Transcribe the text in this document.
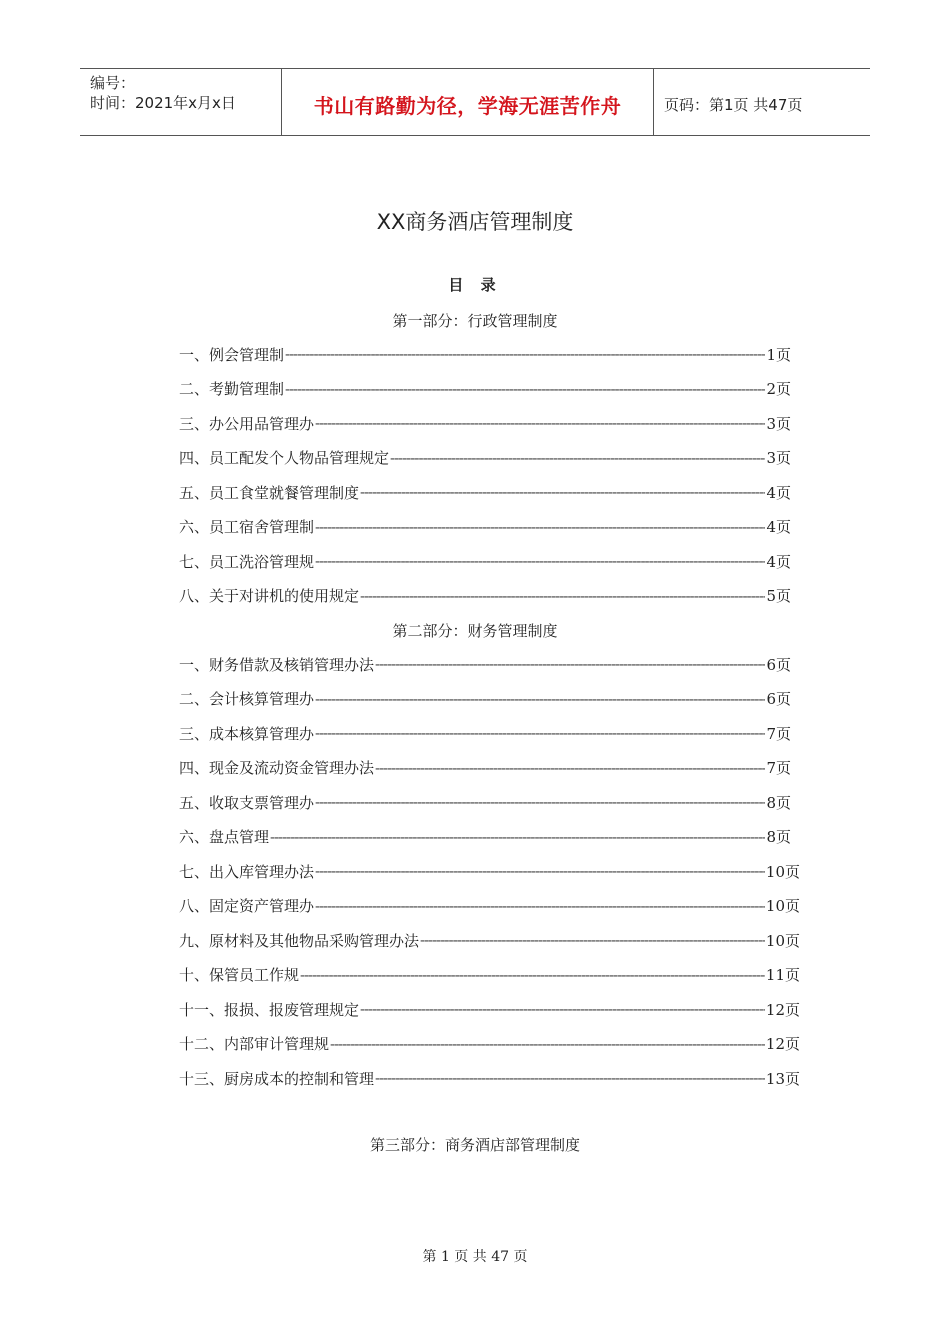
编号：
时间：2021年x月x日	书山有路勤为径，学海无涯苦作舟	页码：第1页 共47页
XX商务酒店管理制度
目 录
第一部分：行政管理制度
一、例会管理制 -----	1页
二、考勤管理制 -----	2页
三、办公用品管理办 -----	3页
四、员工配发个人物品管理规定 -----	3页
五、员工食堂就餐管理制度 -----	4页
六、员工宿舍管理制 -----	4页
七、员工洗浴管理规 -----	4页
八、关于对讲机的使用规定 -----	5页
第二部分：财务管理制度
一、财务借款及核销管理办法 -----	6页
二、会计核算管理办 -----	6页
三、成本核算管理办 -----	7页
四、现金及流动资金管理办法 -----	7页
五、收取支票管理办 -----	8页
六、盘点管理 -----	8页
七、出入库管理办法 -----	10页
八、固定资产管理办 -----	10页
九、原材料及其他物品采购管理办法 -----	10页
十、保管员工作规 -----	11页
十一、报损、报废管理规定 -----	12页
十二、内部审计管理规 -----	12页
十三、厨房成本的控制和管理 -----	13页
第三部分：商务酒店部管理制度
第 1 页 共 47 页
